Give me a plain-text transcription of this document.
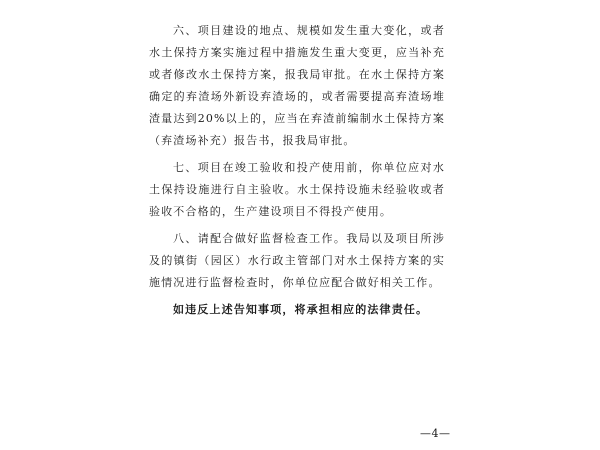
六、项目建设的地点、规模如发生重大变化，或者水土保持方案实施过程中措施发生重大变更，应当补充或者修改水土保持方案，报我局审批。在水土保持方案确定的弃渣场外新设弃渣场的，或者需要提高弃渣场堆渣量达到20%以上的，应当在弃渣前编制水土保持方案（弃渣场补充）报告书，报我局审批。

七、项目在竣工验收和投产使用前，你单位应对水土保持设施进行自主验收。水土保持设施未经验收或者验收不合格的，生产建设项目不得投产使用。

八、请配合做好监督检查工作。我局以及项目所涉及的镇街（园区）水行政主管部门对水土保持方案的实施情况进行监督检查时，你单位应配合做好相关工作。

如违反上述告知事项，将承担相应的法律责任。

—4—
